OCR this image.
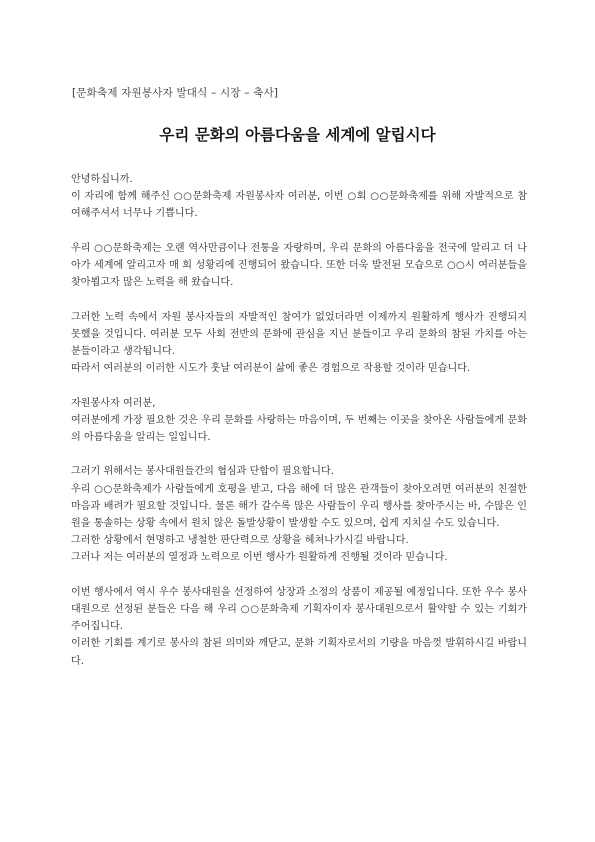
[문화축제 자원봉사자 발대식 – 시장 – 축사]
우리 문화의 아름다움을 세계에 알립시다

안녕하십니까.

이 자리에 함께 해주신 ○○문화축제 자원봉사자 여러분, 이번 ○회 ○○문화축제를 위해 자발적으로 참여해주셔서 너무나 기쁩니다.

우리 ○○문화축제는 오랜 역사만큼이나 전통을 자랑하며, 우리 문화의 아름다움을 전국에 알리고 더 나아가 세계에 알리고자 매 회 성황리에 진행되어 왔습니다. 또한 더욱 발전된 모습으로 ○○시 여러분들을 찾아뵙고자 많은 노력을 해 왔습니다.

그러한 노력 속에서 자원 봉사자들의 자발적인 참여가 없었더라면 이제까지 원활하게 행사가 진행되지 못했을 것입니다. 여러분 모두 사회 전반의 문화에 관심을 지닌 분들이고 우리 문화의 참된 가치를 아는 분들이라고 생각됩니다.

따라서 여러분의 이러한 시도가 훗날 여러분이 삶에 좋은 경험으로 작용할 것이라 믿습니다.

자원봉사자 여러분,

여러분에게 가장 필요한 것은 우리 문화를 사랑하는 마음이며, 두 번째는 이곳을 찾아온 사람들에게 문화의 아름다움을 알리는 일입니다.

그러기 위해서는 봉사대원들간의 협심과 단합이 필요합니다.

우리 ○○문화축제가 사람들에게 호평을 받고, 다음 해에 더 많은 관객들이 찾아오려면 여러분의 친절한 마음과 배려가 필요할 것입니다. 물론 해가 갈수록 많은 사람들이 우리 행사를 찾아주시는 바, 수많은 인원을 통솔하는 상황 속에서 원치 않은 돌발상황이 발생할 수도 있으며, 쉽게 지치실 수도 있습니다.

그러한 상황에서 현명하고 냉철한 판단력으로 상황을 헤쳐나가시길 바랍니다.

그러나 저는 여러분의 열정과 노력으로 이번 행사가 원활하게 진행될 것이라 믿습니다.

이번 행사에서 역시 우수 봉사대원을 선정하여 상장과 소정의 상품이 제공될 예정입니다. 또한 우수 봉사대원으로 선정된 분들은 다음 해 우리 ○○문화축제 기획자이자 봉사대원으로서 활약할 수 있는 기회가 주어집니다.

이러한 기회를 계기로 봉사의 참된 의미와 깨닫고, 문화 기획자로서의 기량을 마음껏 발휘하시길 바랍니다.
